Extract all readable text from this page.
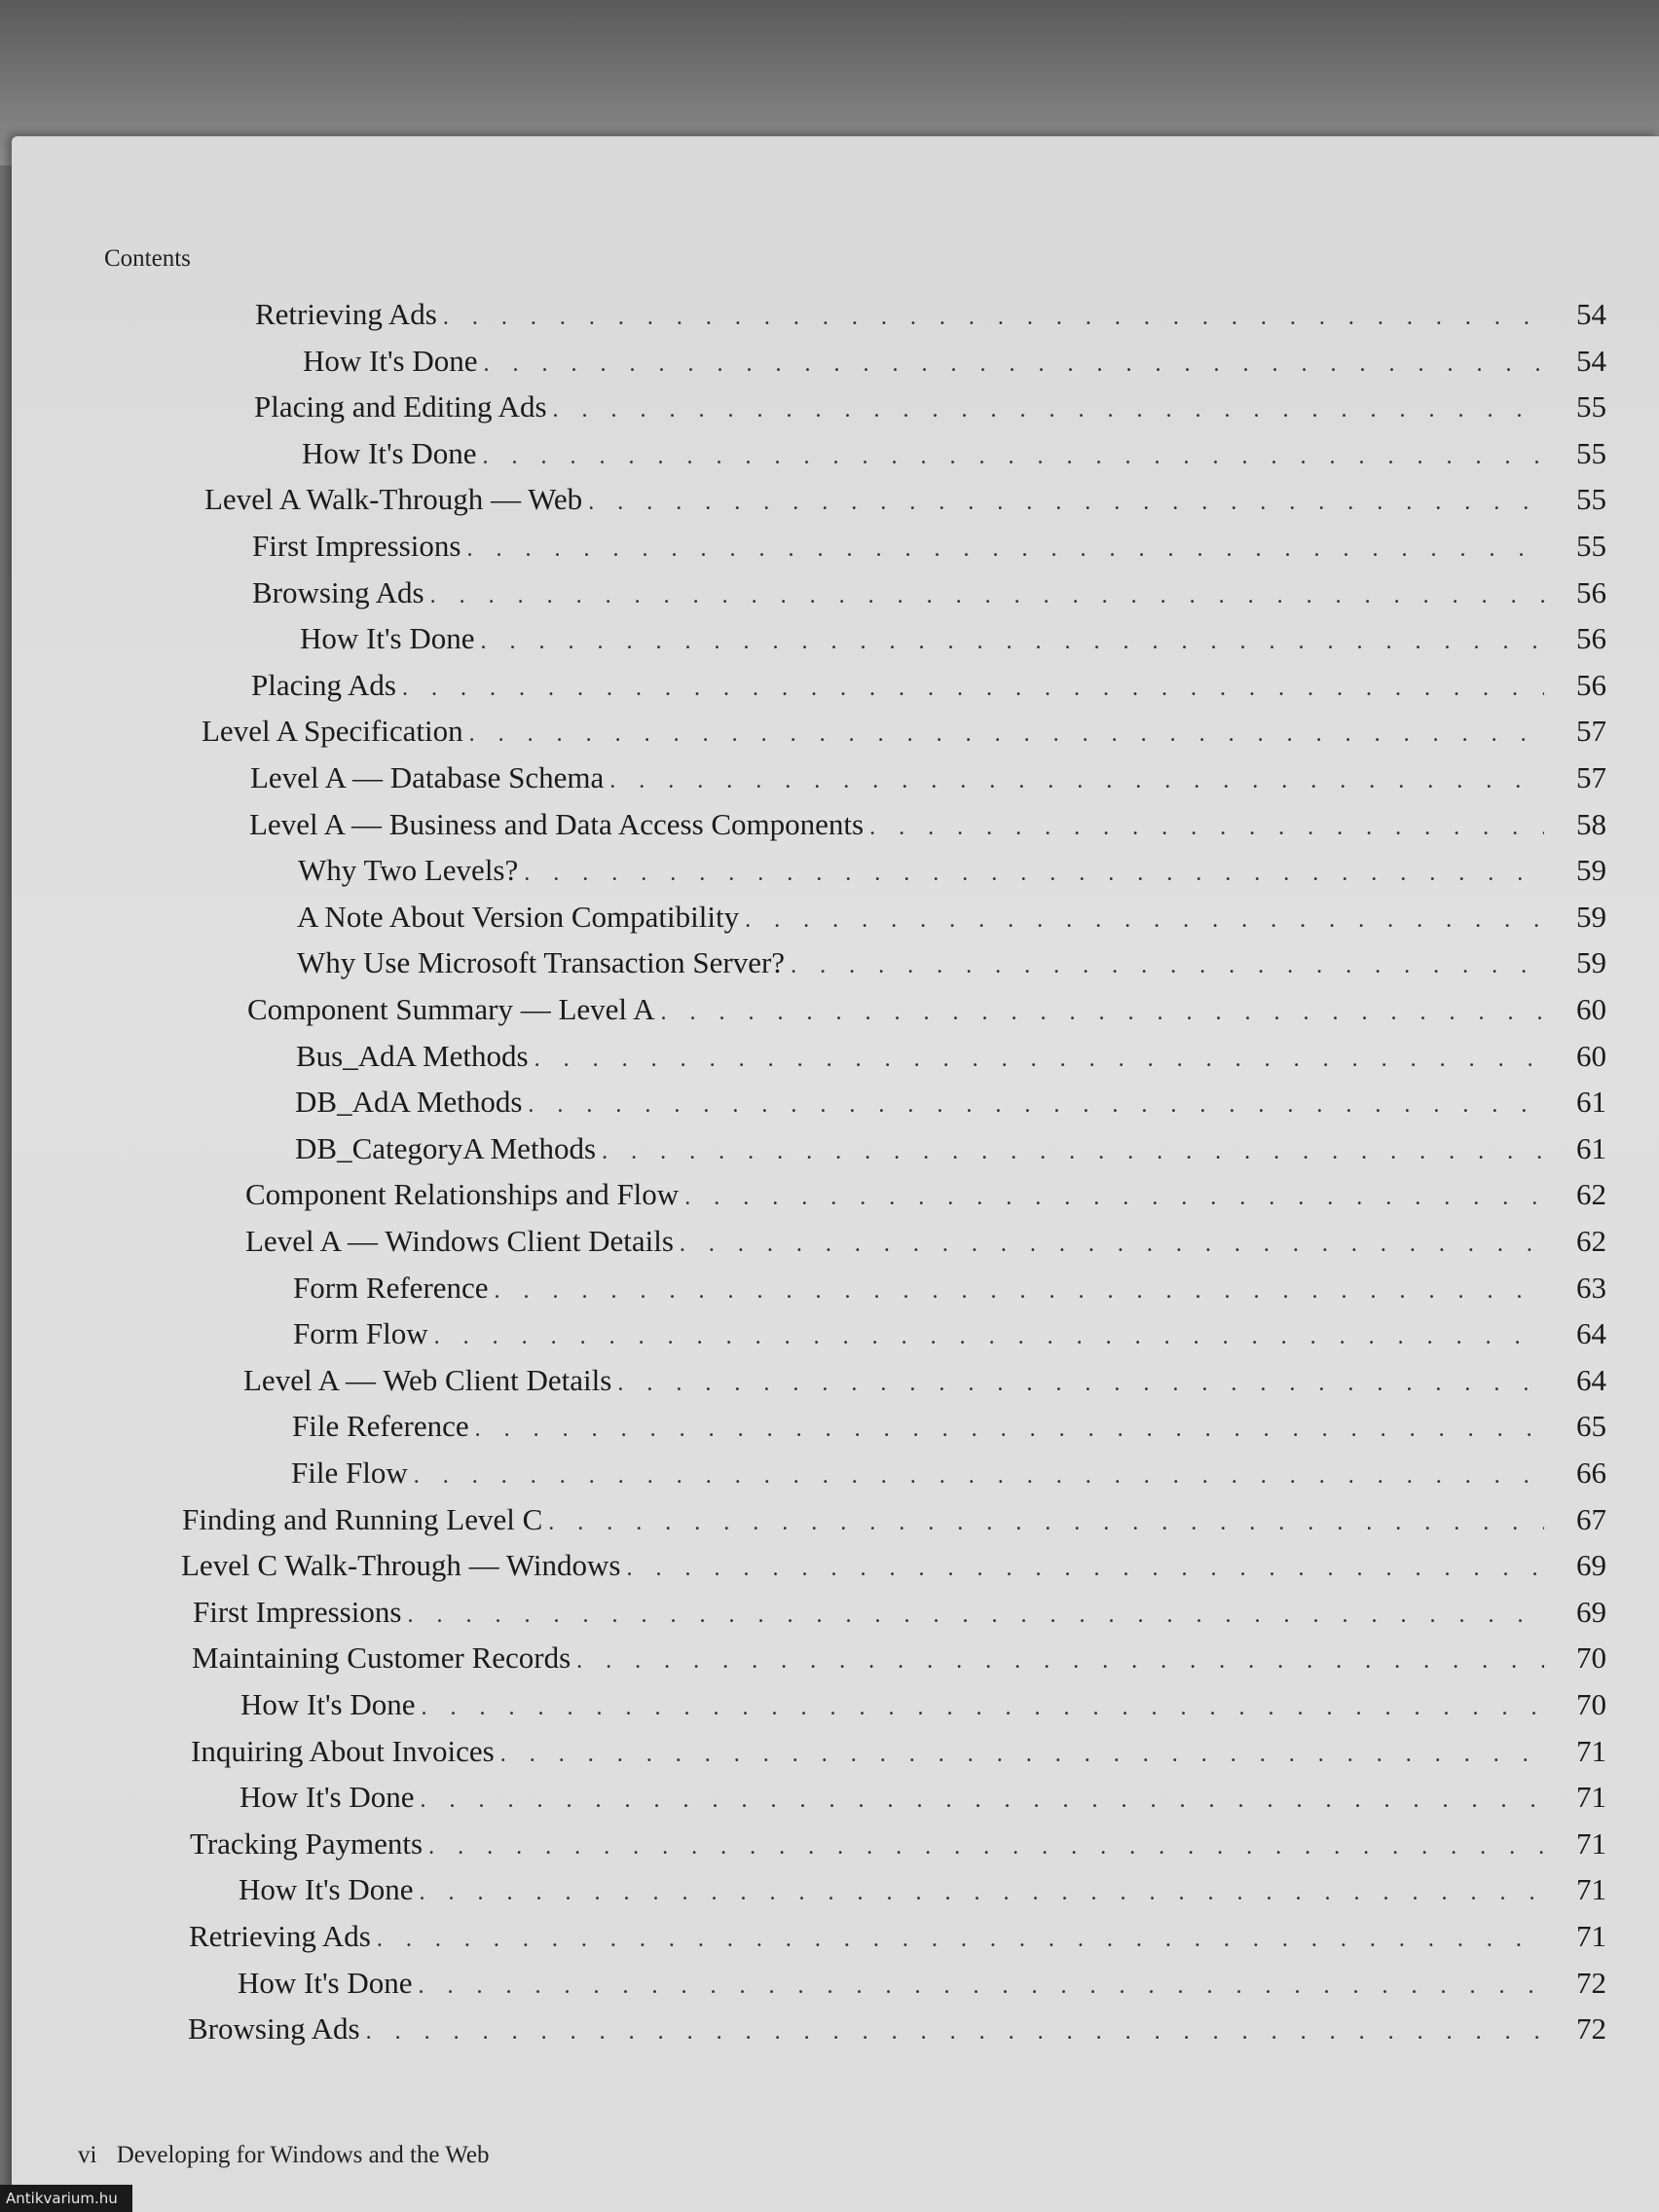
Contents
Retrieving Ads . . .	54
How It's Done . . .	54
Placing and Editing Ads . . .	55
How It's Done . . .	55
Level A Walk-Through — Web . . .	55
First Impressions . . .	55
Browsing Ads . . .	56
How It's Done . . .	56
Placing Ads . . .	56
Level A Specification . . .	57
Level A — Database Schema . . .	57
Level A — Business and Data Access Components . . .	58
Why Two Levels? . . .	59
A Note About Version Compatibility . . .	59
Why Use Microsoft Transaction Server? . . .	59
Component Summary — Level A . . .	60
Bus_AdA Methods . . .	60
DB_AdA Methods . . .	61
DB_CategoryA Methods . . .	61
Component Relationships and Flow . . .	62
Level A — Windows Client Details . . .	62
Form Reference . . .	63
Form Flow . . .	64
Level A — Web Client Details . . .	64
File Reference . . .	65
File Flow . . .	66
Finding and Running Level C . . .	67
Level C Walk-Through — Windows . . .	69
First Impressions . . .	69
Maintaining Customer Records . . .	70
How It's Done . . .	70
Inquiring About Invoices . . .	71
How It's Done . . .	71
Tracking Payments . . .	71
How It's Done . . .	71
Retrieving Ads . . .	71
How It's Done . . .	72
Browsing Ads . . .	72
vi Developing for Windows and the Web
Antikvarium.hu
